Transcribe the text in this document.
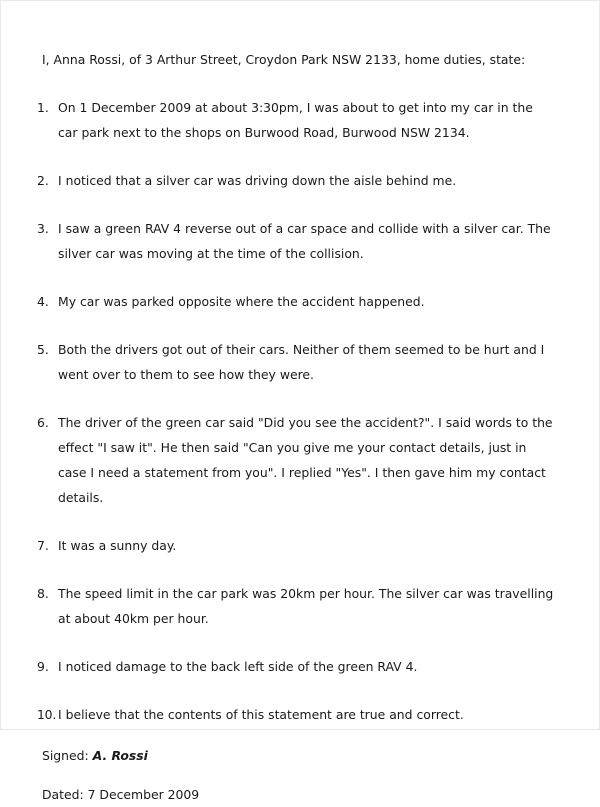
I, Anna Rossi, of 3 Arthur Street, Croydon Park NSW 2133, home duties, state:

1. On 1 December 2009 at about 3:30pm, I was about to get into my car in the car park next to the shops on Burwood Road, Burwood NSW 2134.
2. I noticed that a silver car was driving down the aisle behind me.
3. I saw a green RAV 4 reverse out of a car space and collide with a silver car. The silver car was moving at the time of the collision.
4. My car was parked opposite where the accident happened.
5. Both the drivers got out of their cars. Neither of them seemed to be hurt and I went over to them to see how they were.
6. The driver of the green car said "Did you see the accident?". I said words to the effect "I saw it". He then said "Can you give me your contact details, just in case I need a statement from you". I replied "Yes". I then gave him my contact details.
7. It was a sunny day.
8. The speed limit in the car park was 20km per hour. The silver car was travelling at about 40km per hour.
9. I noticed damage to the back left side of the green RAV 4.
10. I believe that the contents of this statement are true and correct.
Signed: A. Rossi
Dated: 7 December 2009
